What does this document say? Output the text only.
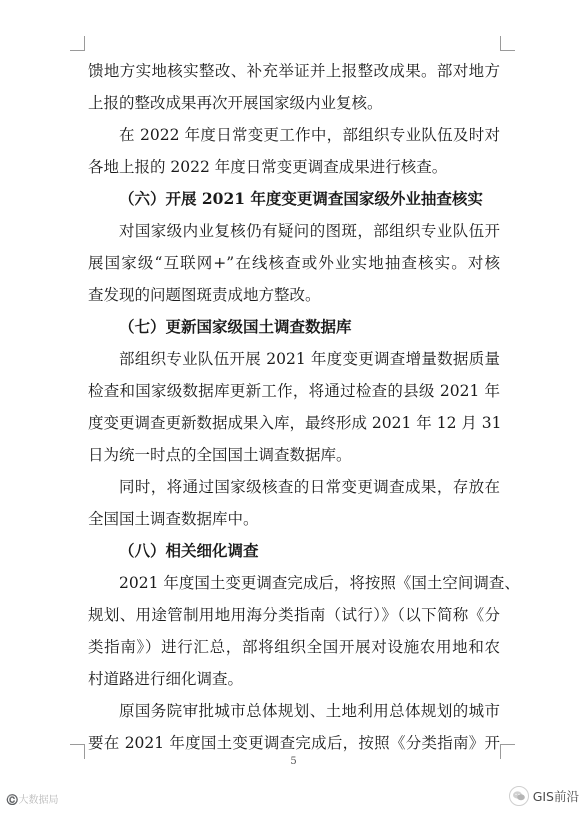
馈地方实地核实整改、补充举证并上报整改成果。部对地方
上报的整改成果再次开展国家级内业复核。
在 2022 年度日常变更工作中，部组织专业队伍及时对
各地上报的 2022 年度日常变更调查成果进行核查。
（六）开展 2021 年度变更调查国家级外业抽查核实
对国家级内业复核仍有疑问的图斑，部组织专业队伍开
展国家级“互联网+”在线核查或外业实地抽查核实。对核
查发现的问题图斑责成地方整改。
（七）更新国家级国土调查数据库
部组织专业队伍开展 2021 年度变更调查增量数据质量
检查和国家级数据库更新工作，将通过检查的县级 2021 年
度变更调查更新数据成果入库，最终形成 2021 年 12 月 31
日为统一时点的全国国土调查数据库。
同时，将通过国家级核查的日常变更调查成果，存放在
全国国土调查数据库中。
（八）相关细化调查
2021 年度国土变更调查完成后，将按照《国土空间调查、
规划、用途管制用地用海分类指南（试行）》（以下简称《分
类指南》）进行汇总，部将组织全国开展对设施农用地和农
村道路进行细化调查。
原国务院审批城市总体规划、土地利用总体规划的城市
要在 2021 年度国土变更调查完成后，按照《分类指南》开
5
©️大数据局	GIS前沿
